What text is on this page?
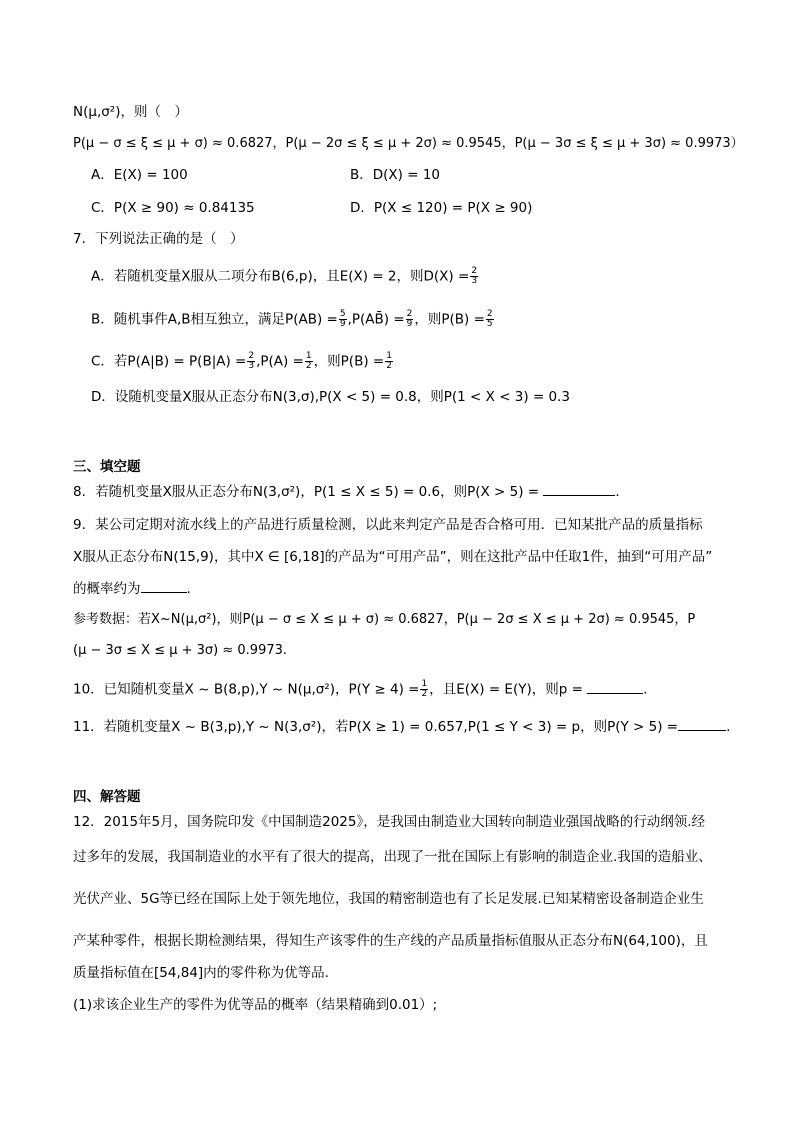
N(μ,σ²)，则（　）
P(μ − σ ≤ ξ ≤ μ + σ) ≈ 0.6827，P(μ − 2σ ≤ ξ ≤ μ + 2σ) ≈ 0.9545，P(μ − 3σ ≤ ξ ≤ μ + 3σ) ≈ 0.9973）
A．E(X) = 100	B．D(X) = 10
C．P(X ≥ 90) ≈ 0.84135	D．P(X ≤ 120) = P(X ≥ 90)
7．下列说法正确的是（　）
A．若随机变量X服从二项分布B(6,p)，且E(X) = 2，则$D(X) = \frac{2}{3}$
B．随机事件A,B相互独立，满足$P(AB) = \frac{5}{9}$ ,P(AB̄) = $\frac{2}{9}$ ，则$P(B) = \frac{2}{5}$
C．若$P(A|B) = P(B|A) = \frac{2}{3} ,P(A) = \frac{1}{2}$ ，则$P(B) = \frac{1}{2}$
D．设随机变量X服从正态分布N(3,σ),P(X < 5) = 0.8，则P(1 < X < 3) = 0.3
三、填空题
8．若随机变量X服从正态分布N(3,σ²)，P(1 ≤ X ≤ 5) = 0.6，则P(X > 5) =	.
9．某公司定期对流水线上的产品进行质量检测，以此来判定产品是否合格可用．已知某批产品的质量指标
X服从正态分布N(15,9)，其中X ∈ [6,18]的产品为“可用产品”，则在这批产品中任取1件，抽到“可用产品”
的概率约为	.
参考数据：若X~N(μ,σ²)，则P(μ − σ ≤ X ≤ μ + σ) ≈ 0.6827，P(μ − 2σ ≤ X ≤ μ + 2σ) ≈ 0.9545，P
(μ − 3σ ≤ X ≤ μ + 3σ) ≈ 0.9973.
10．已知随机变量X ~ B(8,p),Y ~ N(μ,σ²)，$P(Y \ge 4) = \frac{1}{2}$ ，且E(X) = E(Y)，则p =	.
11．若随机变量X ~ B(3,p),Y ~ N(3,σ²)，若P(X ≥ 1) = 0.657,P(1 ≤ Y < 3) = p，则P(Y > 5) =	.
四、解答题
12．2015年5月，国务院印发《中国制造2025》，是我国由制造业大国转向制造业强国战略的行动纲领.经
过多年的发展，我国制造业的水平有了很大的提高，出现了一批在国际上有影响的制造企业.我国的造船业、
光伏产业、5G等已经在国际上处于领先地位，我国的精密制造也有了长足发展.已知某精密设备制造企业生
产某种零件，根据长期检测结果，得知生产该零件的生产线的产品质量指标值服从正态分布N(64,100)，且
质量指标值在[54,84]内的零件称为优等品.
(1)求该企业生产的零件为优等品的概率（结果精确到0.01）;
